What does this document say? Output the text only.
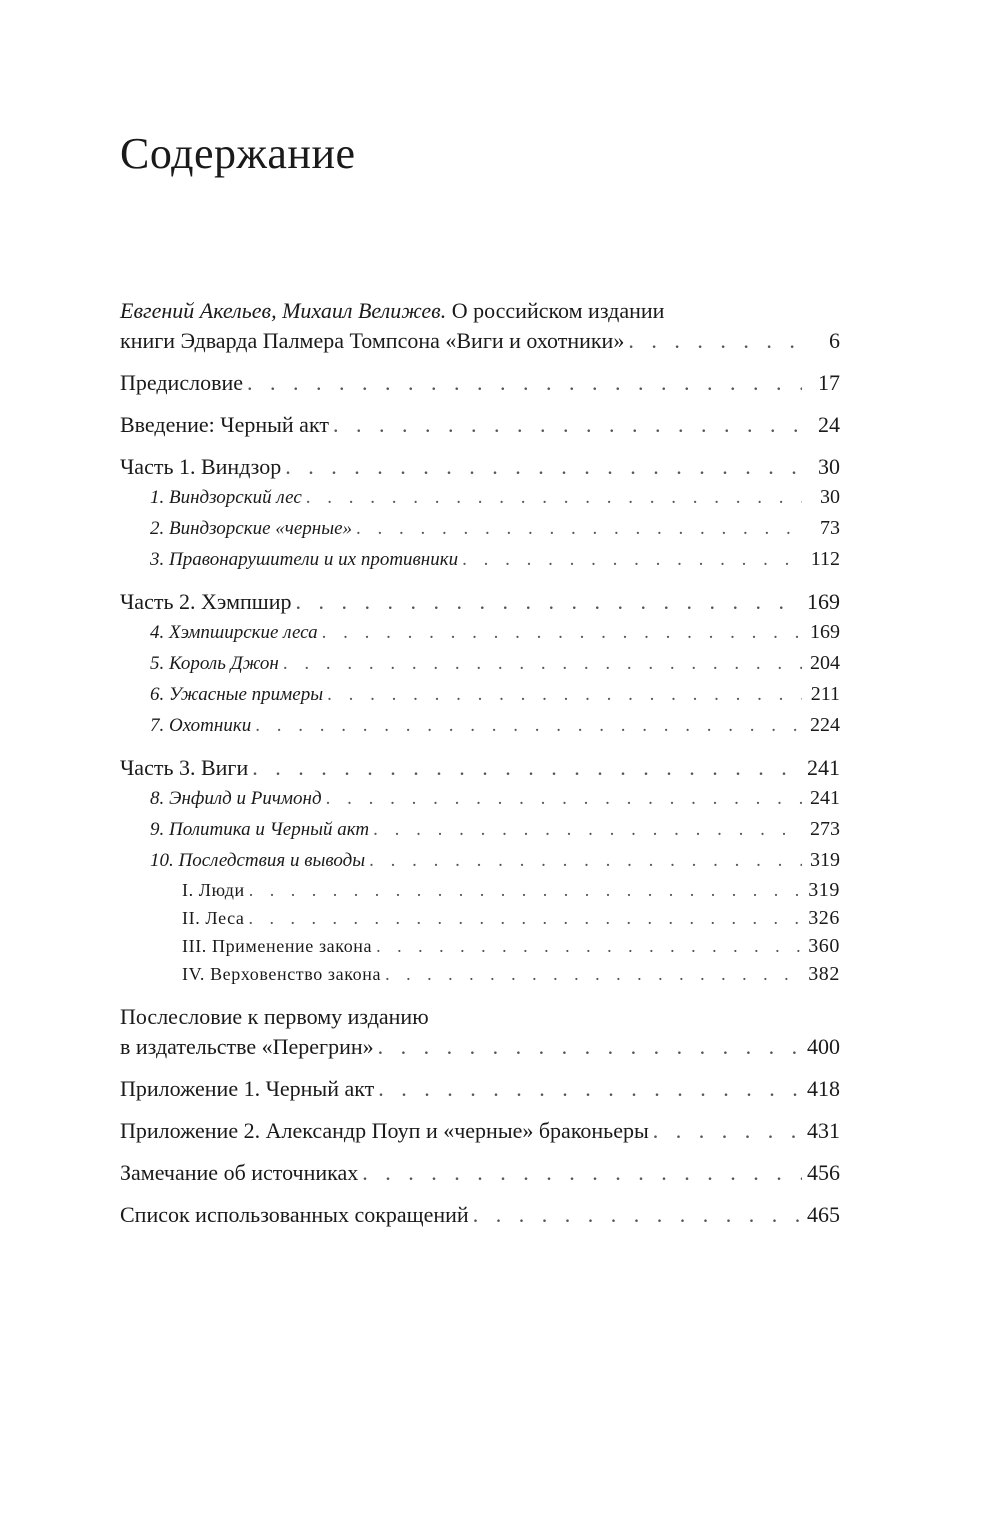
Содержание
Евгений Акельев, Михаил Велижев. О российском издании
книги Эдварда Палмера Томпсона «Виги и охотники» . . .	6
Предисловие . . .	17
Введение: Черный акт . . .	24
Часть 1. Виндзор . . .	30
1. Виндзорский лес . . .	30
2. Виндзорские «черные» . . .	73
3. Правонарушители и их противники . . .	112
Часть 2. Хэмпшир . . .	169
4. Хэмпширские леса . . .	169
5. Король Джон . . .	204
6. Ужасные примеры . . .	211
7. Охотники . . .	224
Часть 3. Виги . . .	241
8. Энфилд и Ричмонд . . .	241
9. Политика и Черный акт . . .	273
10. Последствия и выводы . . .	319
I. Люди . . .	319
II. Леса . . .	326
III. Применение закона . . .	360
IV. Верховенство закона . . .	382
Послесловие к первому изданию
в издательстве «Перегрин» . . .	400
Приложение 1. Черный акт . . .	418
Приложение 2. Александр Поуп и «черные» браконьеры . . .	431
Замечание об источниках . . .	456
Список использованных сокращений . . .	465
